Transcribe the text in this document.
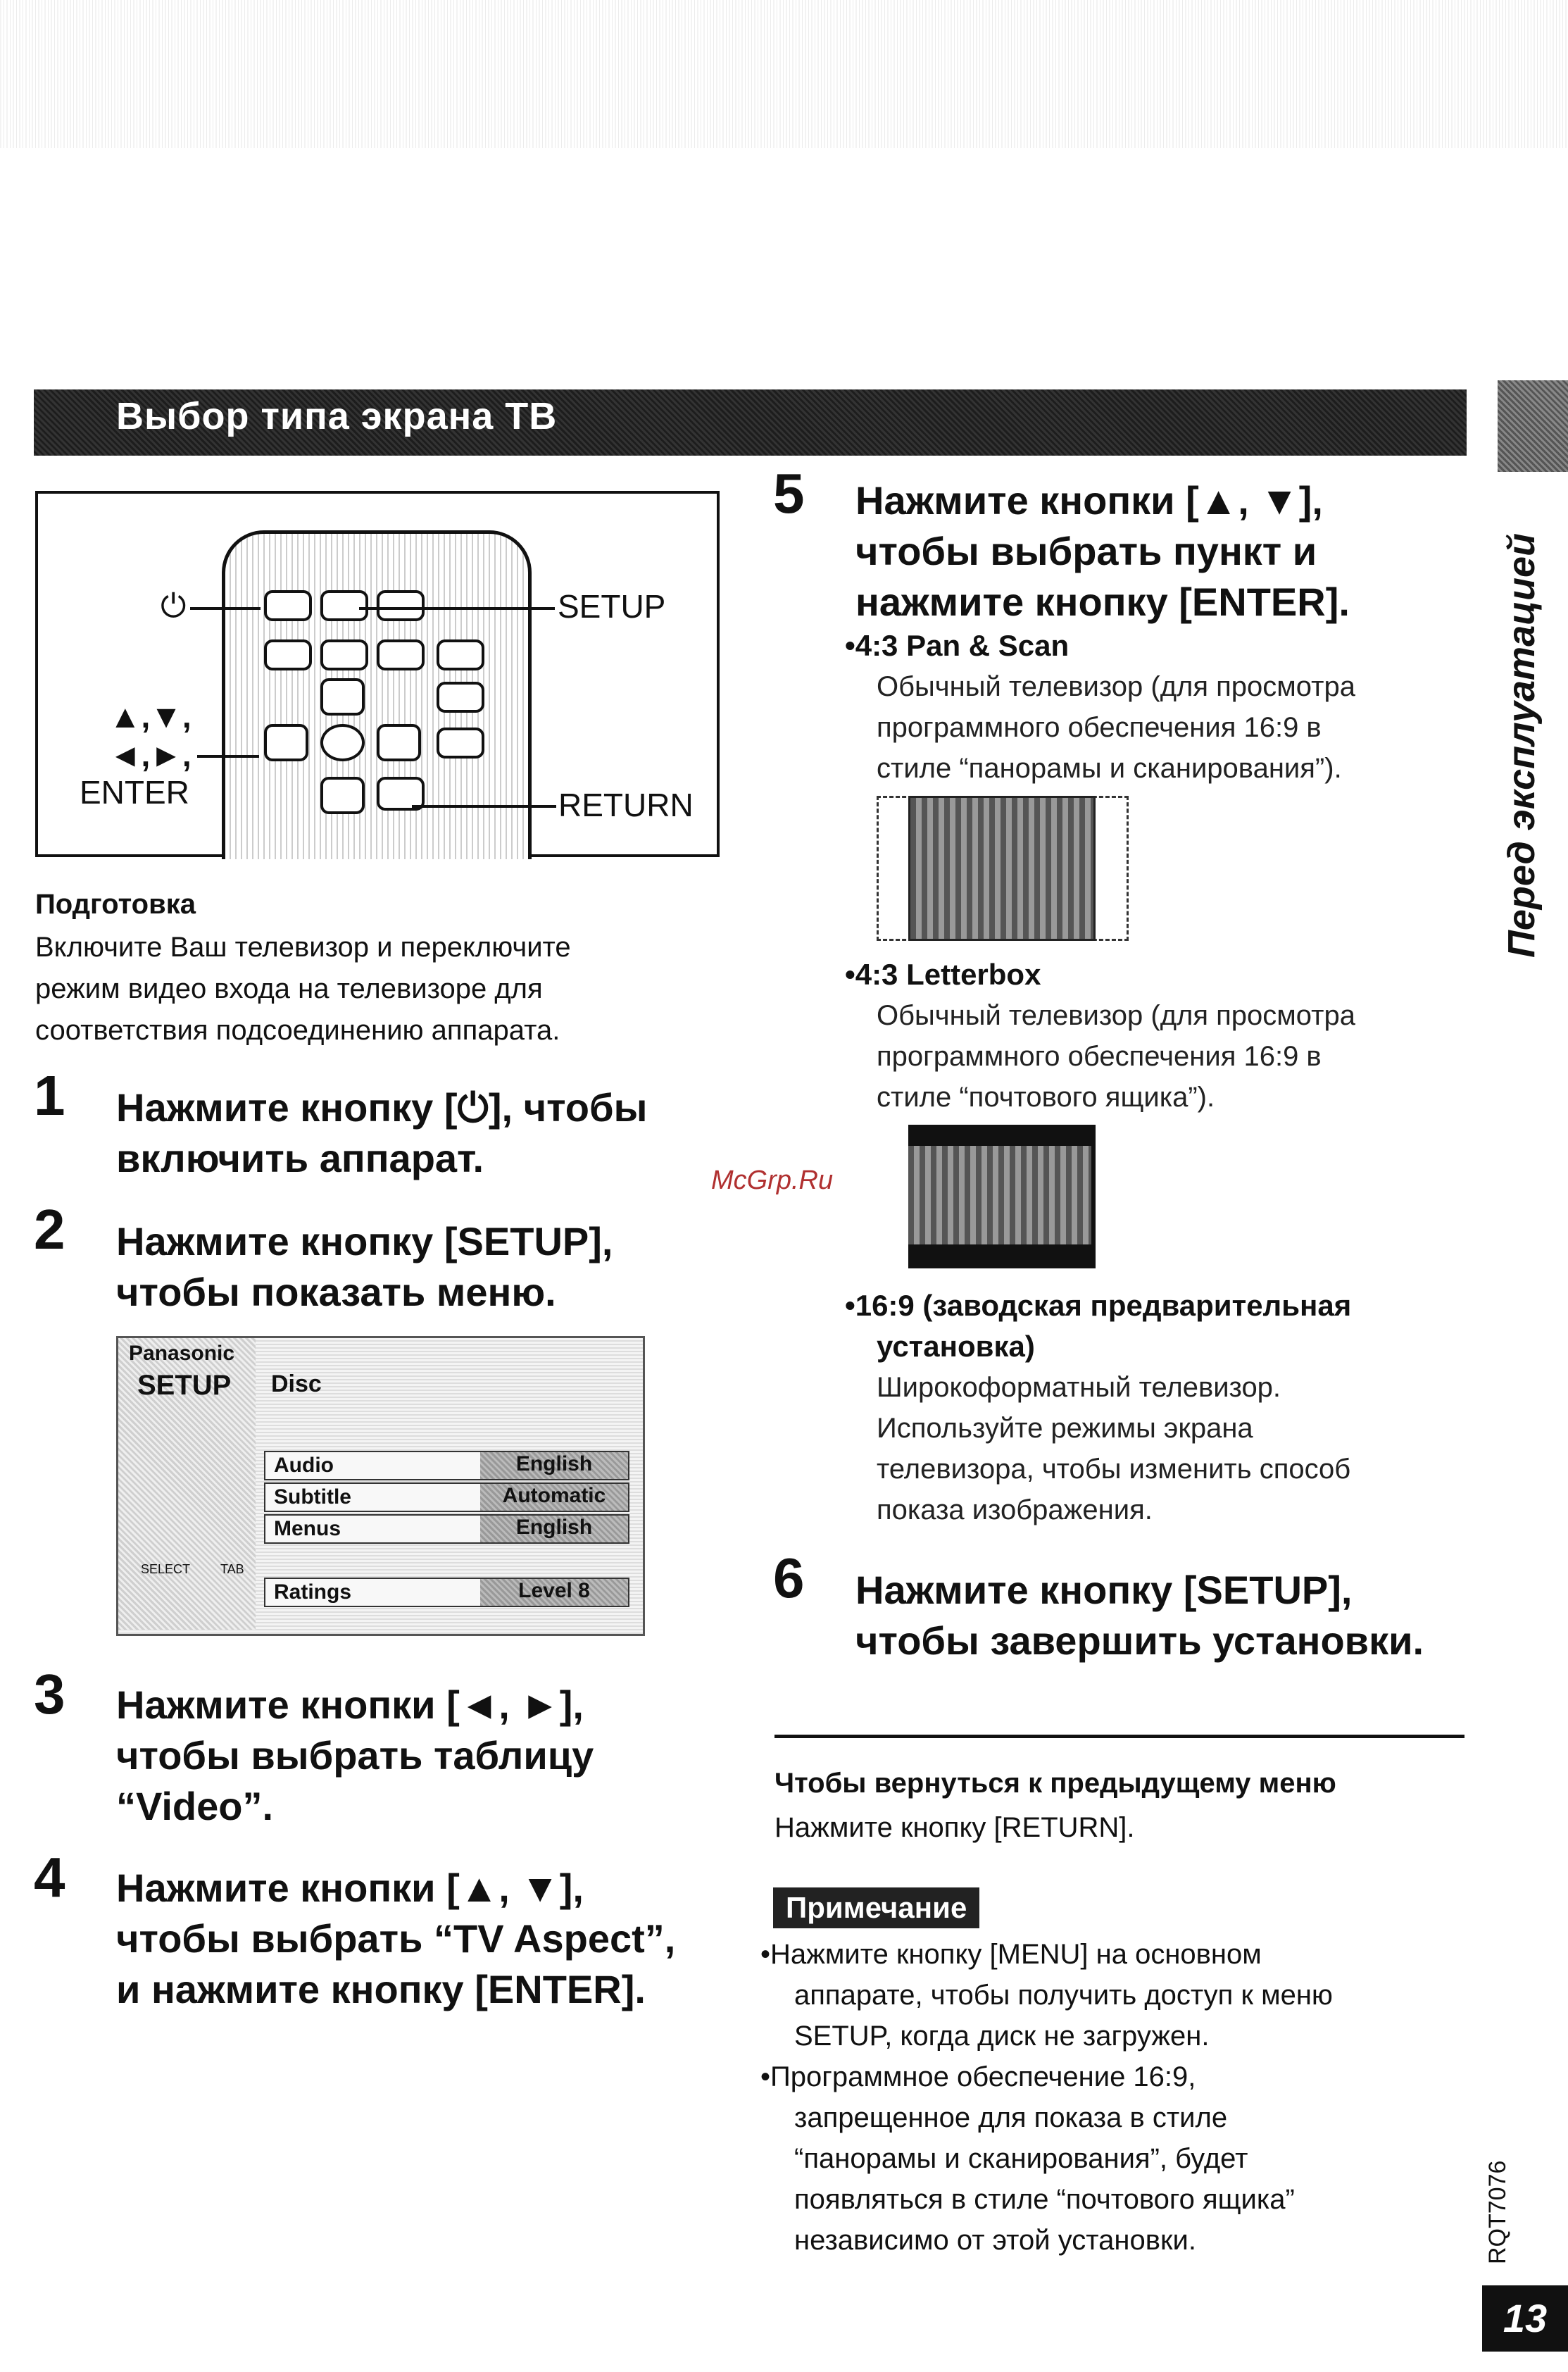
Выбор типа экрана TB
Перед эксплуатацией
⏻	SETUP
▲,▼,
◄,►,
ENTER	RETURN
Подготовка
Включите Ваш телевизор и переключите
режим видео входа на телевизоре для
соответствия подсоединению аппарата.
1 Нажмите кнопку [⏻], чтобы
включить аппарат.
2 Нажмите кнопку [SETUP],
чтобы показать меню.
Panasonic
SETUP Disc
Audio	English
Subtitle	Automatic
Menus	English
Ratings	Level 8
SELECT TAB
3 Нажмите кнопки [◄, ►],
чтобы выбрать таблицу
“Video”.
4 Нажмите кнопки [▲, ▼],
чтобы выбрать “TV Aspect”,
и нажмите кнопку [ENTER].
5 Нажмите кнопки [▲, ▼],
чтобы выбрать пункт и
нажмите кнопку [ENTER].
•4:3 Pan & Scan
Обычный телевизор (для просмотра
программного обеспечения 16:9 в
стиле “панорамы и сканирования”).
•4:3 Letterbox
Обычный телевизор (для просмотра
программного обеспечения 16:9 в
стиле “почтового ящика”).
•16:9 (заводская предварительная
установка)
Широкоформатный телевизор.
Используйте режимы экрана
телевизора, чтобы изменить способ
показа изображения.
6 Нажмите кнопку [SETUP],
чтобы завершить установки.
Чтобы вернуться к предыдущему меню
Нажмите кнопку [RETURN].
Примечание
•Нажмите кнопку [MENU] на основном
аппарате, чтобы получить доступ к меню
SETUP, когда диск не загружен.
•Программное обеспечение 16:9,
запрещенное для показа в стиле
“панорамы и сканирования”, будет
появляться в стиле “почтового ящика”
независимо от этой установки.
McGrp.Ru
RQT7076
13
